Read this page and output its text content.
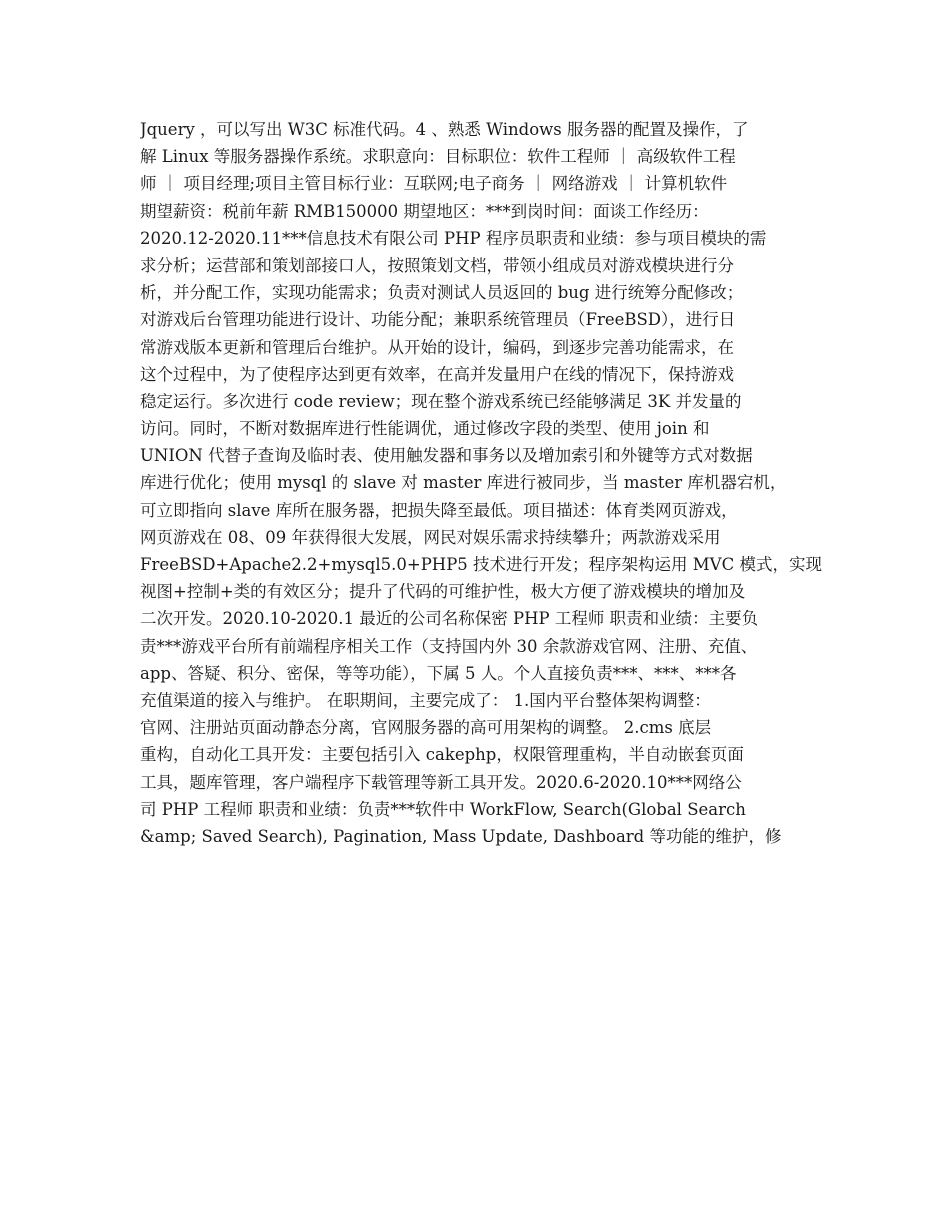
Jquery ，可以写出 W3C 标准代码。4 、熟悉 Windows 服务器的配置及操作，了
解 Linux 等服务器操作系统。求职意向：目标职位：软件工程师 ｜ 高级软件工程
师 ｜ 项目经理;项目主管目标行业：互联网;电子商务 ｜ 网络游戏 ｜ 计算机软件
期望薪资：税前年薪 RMB150000 期望地区：***到岗时间：面谈工作经历：
2020.12-2020.11***信息技术有限公司 PHP 程序员职责和业绩：参与项目模块的需
求分析；运营部和策划部接口人，按照策划文档，带领小组成员对游戏模块进行分
析，并分配工作，实现功能需求；负责对测试人员返回的 bug 进行统筹分配修改；
对游戏后台管理功能进行设计、功能分配；兼职系统管理员（FreeBSD），进行日
常游戏版本更新和管理后台维护。从开始的设计，编码，到逐步完善功能需求，在
这个过程中，为了使程序达到更有效率，在高并发量用户在线的情况下，保持游戏
稳定运行。多次进行 code review；现在整个游戏系统已经能够满足 3K 并发量的
访问。同时，不断对数据库进行性能调优，通过修改字段的类型、使用 join 和
UNION 代替子查询及临时表、使用触发器和事务以及增加索引和外键等方式对数据
库进行优化；使用 mysql 的 slave 对 master 库进行被同步，当 master 库机器宕机，
可立即指向 slave 库所在服务器，把损失降至最低。项目描述：体育类网页游戏，
网页游戏在 08、09 年获得很大发展，网民对娱乐需求持续攀升；两款游戏采用
FreeBSD+Apache2.2+mysql5.0+PHP5 技术进行开发；程序架构运用 MVC 模式，实现
视图+控制+类的有效区分；提升了代码的可维护性，极大方便了游戏模块的增加及
二次开发。2020.10-2020.1 最近的公司名称保密 PHP 工程师 职责和业绩：主要负
责***游戏平台所有前端程序相关工作（支持国内外 30 余款游戏官网、注册、充值、
app、答疑、积分、密保，等等功能），下属 5 人。个人直接负责***、***、***各
充值渠道的接入与维护。 在职期间，主要完成了： 1.国内平台整体架构调整：
官网、注册站页面动静态分离，官网服务器的高可用架构的调整。 2.cms 底层
重构，自动化工具开发：主要包括引入 cakephp，权限管理重构，半自动嵌套页面
工具，题库管理，客户端程序下载管理等新工具开发。2020.6-2020.10***网络公
司 PHP 工程师 职责和业绩：负责***软件中 WorkFlow, Search(Global Search
&amp; Saved Search), Pagination, Mass Update, Dashboard 等功能的维护，修
